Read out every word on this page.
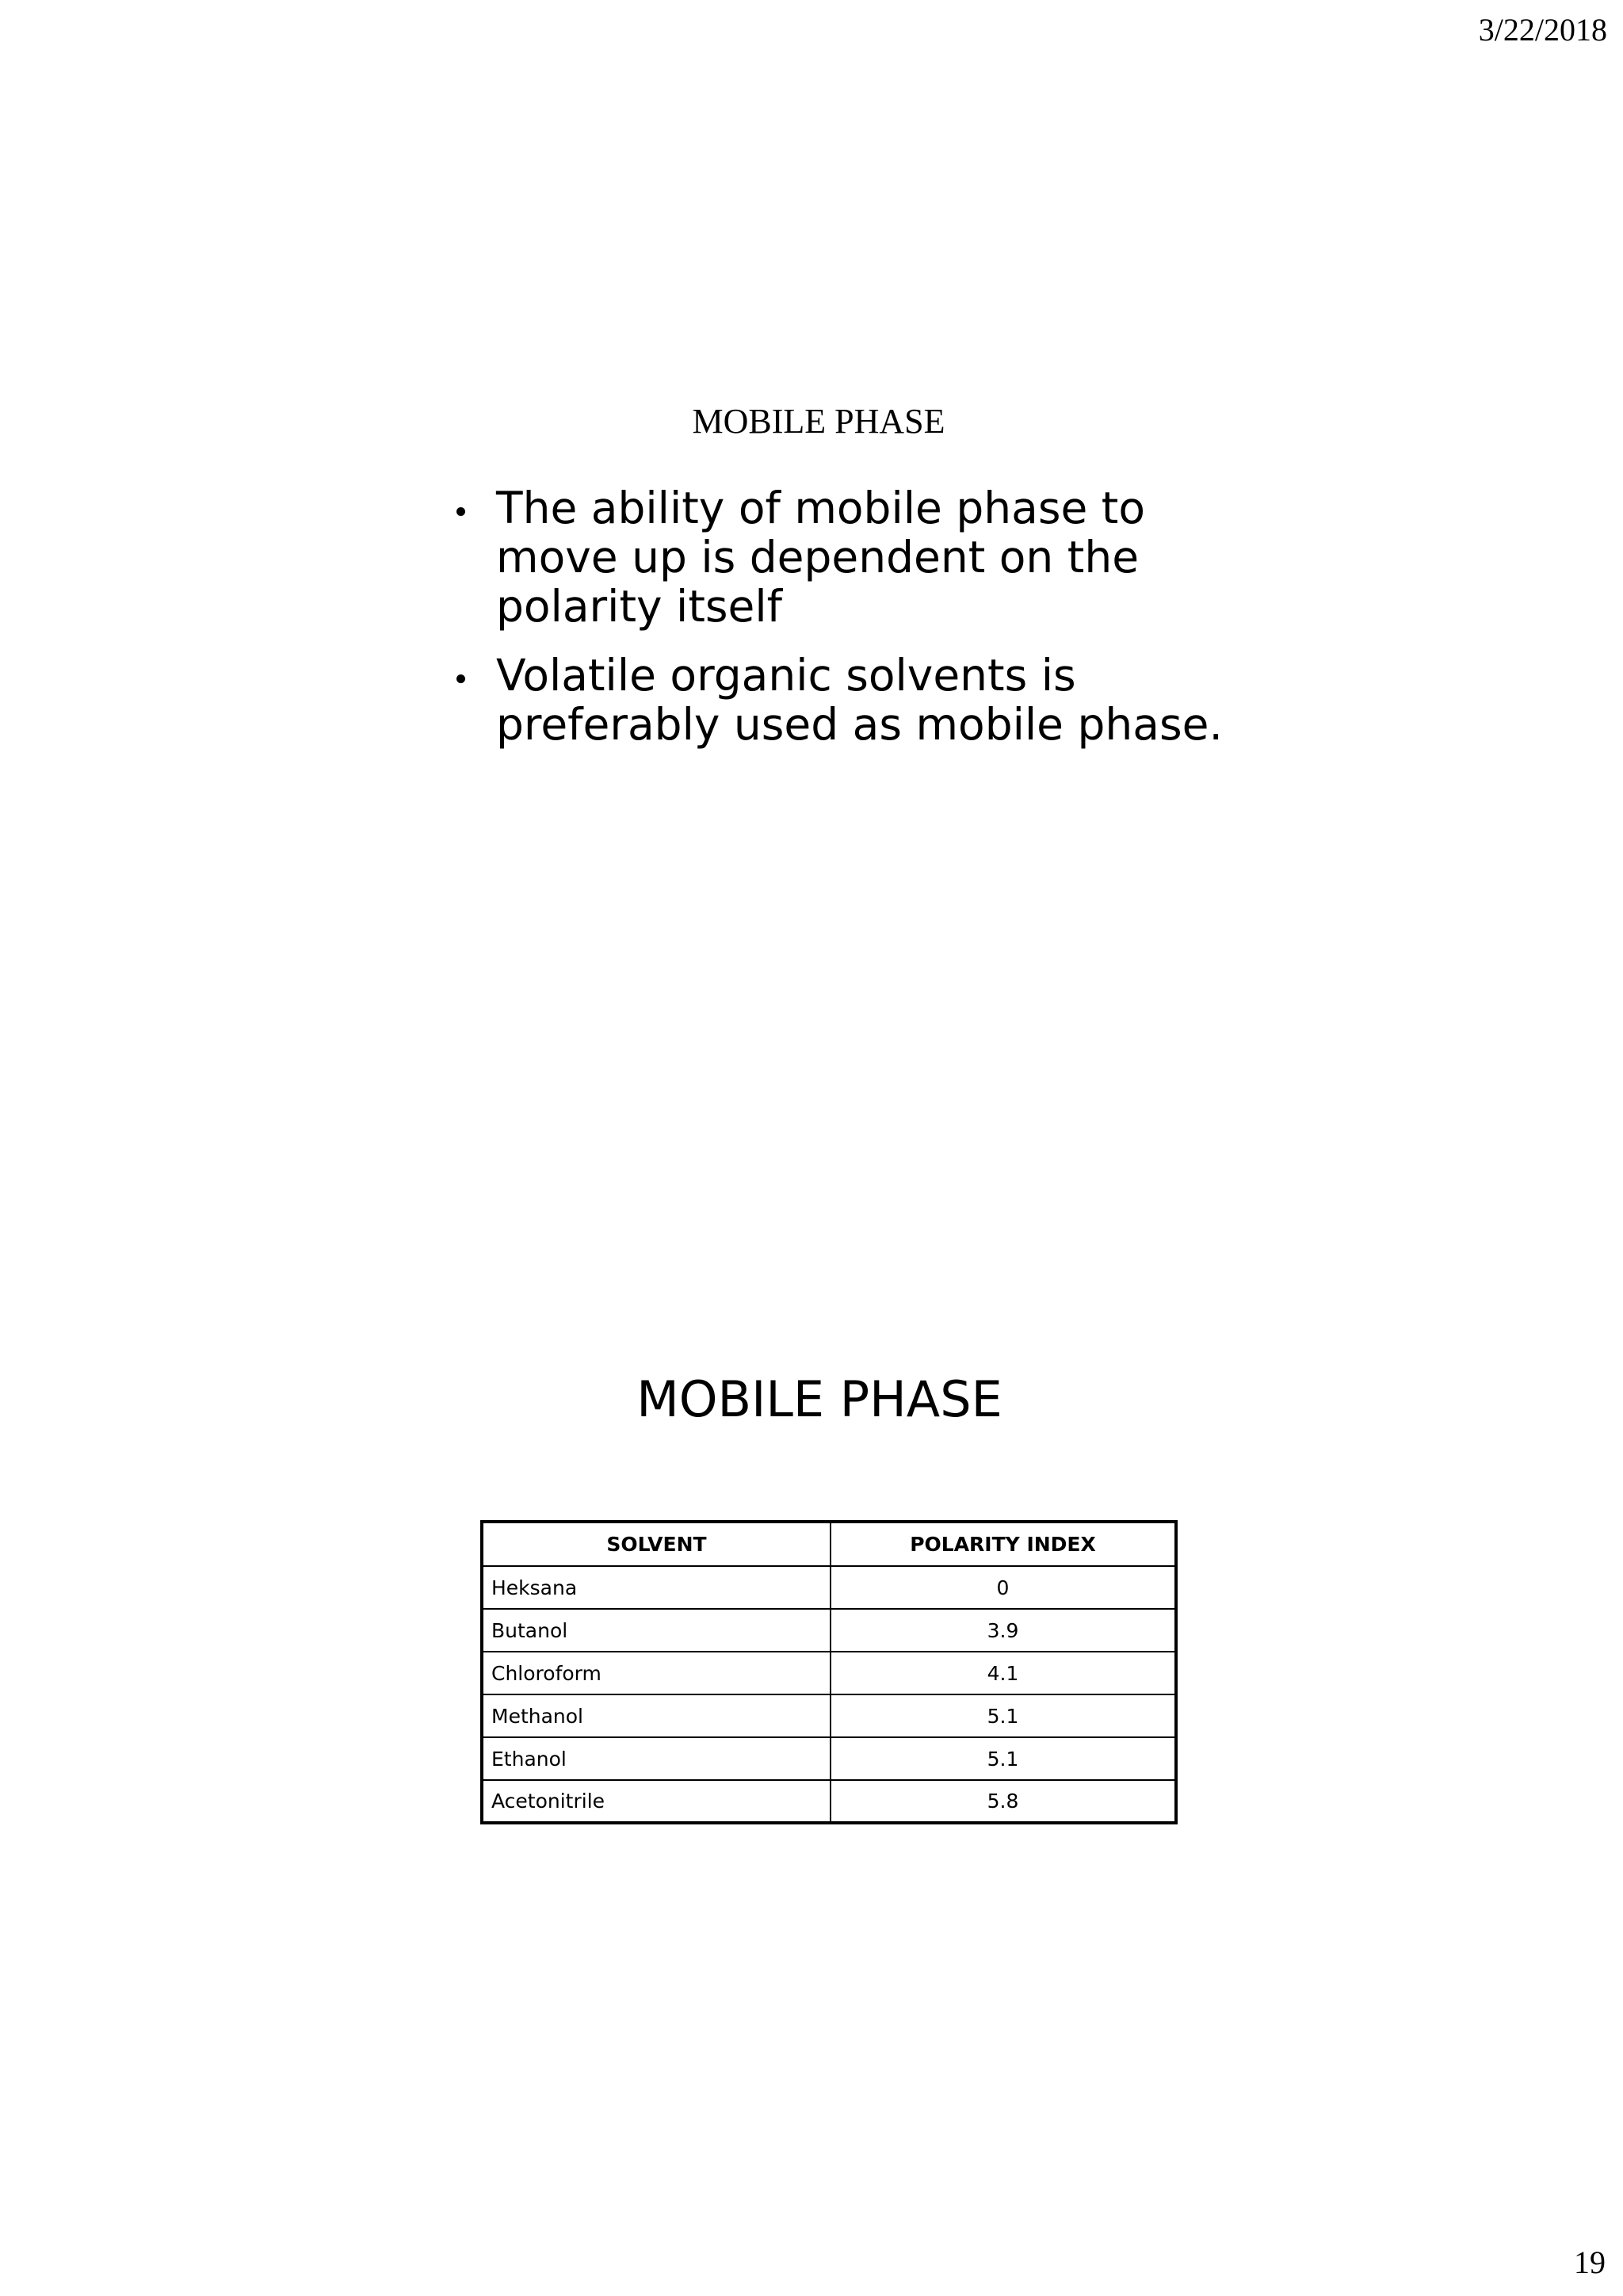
3/22/2018
MOBILE PHASE
The ability of mobile phase to move up is dependent on the polarity itself
Volatile organic solvents is preferably used as mobile phase.
MOBILE PHASE
SOLVENT	POLARITY INDEX
Heksana	0
Butanol	3.9
Chloroform	4.1
Methanol	5.1
Ethanol	5.1
Acetonitrile	5.8
19
